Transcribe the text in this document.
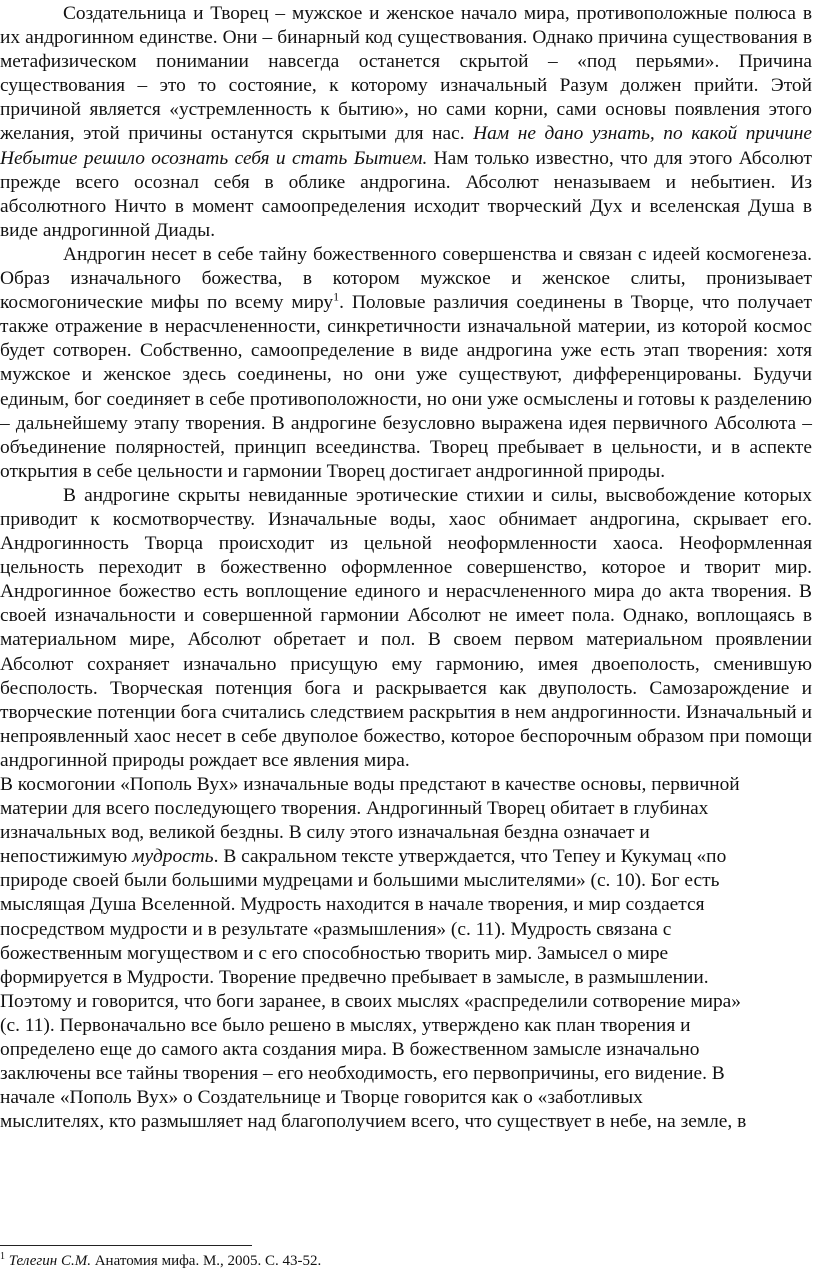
Создательница и Творец – мужское и женское начало мира, противоположные полюса в их андрогинном единстве. Они – бинарный код существования. Однако причина существования в метафизическом понимании навсегда останется скрытой – «под перьями». Причина существования – это то состояние, к которому изначальный Разум должен прийти. Этой причиной является «устремленность к бытию», но сами корни, сами основы появления этого желания, этой причины останутся скрытыми для нас. Нам не дано узнать, по какой причине Небытие решило осознать себя и стать Бытием. Нам только известно, что для этого Абсолют прежде всего осознал себя в облике андрогина. Абсолют неназываем и небытиен. Из абсолютного Ничто в момент самоопределения исходит творческий Дух и вселенская Душа в виде андрогинной Диады.

Андрогин несет в себе тайну божественного совершенства и связан с идеей космогенеза. Образ изначального божества, в котором мужское и женское слиты, пронизывает космогонические мифы по всему миру$^1$. Половые различия соединены в Творце, что получает также отражение в нерасчлененности, синкретичности изначальной материи, из которой космос будет сотворен. Собственно, самоопределение в виде андрогина уже есть этап творения: хотя мужское и женское здесь соединены, но они уже существуют, дифференцированы. Будучи единым, бог соединяет в себе противоположности, но они уже осмыслены и готовы к разделению – дальнейшему этапу творения. В андрогине безусловно выражена идея первичного Абсолюта – объединение полярностей, принцип всеединства. Творец пребывает в цельности, и в аспекте открытия в себе цельности и гармонии Творец достигает андрогинной природы.

В андрогине скрыты невиданные эротические стихии и силы, высвобождение которых приводит к космотворчеству. Изначальные воды, хаос обнимает андрогина, скрывает его. Андрогинность Творца происходит из цельной неоформленности хаоса. Неоформленная цельность переходит в божественно оформленное совершенство, которое и творит мир. Андрогинное божество есть воплощение единого и нерасчлененного мира до акта творения. В своей изначальности и совершенной гармонии Абсолют не имеет пола. Однако, воплощаясь в материальном мире, Абсолют обретает и пол. В своем первом материальном проявлении Абсолют сохраняет изначально присущую ему гармонию, имея двоеполость, сменившую бесполость. Творческая потенция бога и раскрывается как двуполость. Самозарождение и творческие потенции бога считались следствием раскрытия в нем андрогинности. Изначальный и непроявленный хаос несет в себе двуполое божество, которое беспорочным образом при помощи андрогинной природы рождает все явления мира.

В космогонии «Пополь Вух» изначальные воды предстают в качестве основы, первичной
материи для всего последующего творения. Андрогинный Творец обитает в глубинах
изначальных вод, великой бездны. В силу этого изначальная бездна означает и
непостижимую мудрость. В сакральном тексте утверждается, что Тепеу и Кукумац «по
природе своей были большими мудрецами и большими мыслителями» (с. 10). Бог есть
мыслящая Душа Вселенной. Мудрость находится в начале творения, и мир создается
посредством мудрости и в результате «размышления» (с. 11). Мудрость связана с
божественным могуществом и с его способностью творить мир. Замысел о мире
формируется в Мудрости. Творение предвечно пребывает в замысле, в размышлении.
Поэтому и говорится, что боги заранее, в своих мыслях «распределили сотворение мира»
(с. 11). Первоначально все было решено в мыслях, утверждено как план творения и
определено еще до самого акта создания мира. В божественном замысле изначально
заключены все тайны творения – его необходимость, его первопричины, его видение. В
начале «Пополь Вух» о Создательнице и Творце говорится как о «заботливых
мыслителях, кто размышляет над благополучием всего, что существует в небе, на земле, в

$^1$ Телегин С.М. Анатомия мифа. М., 2005. С. 43-52.
